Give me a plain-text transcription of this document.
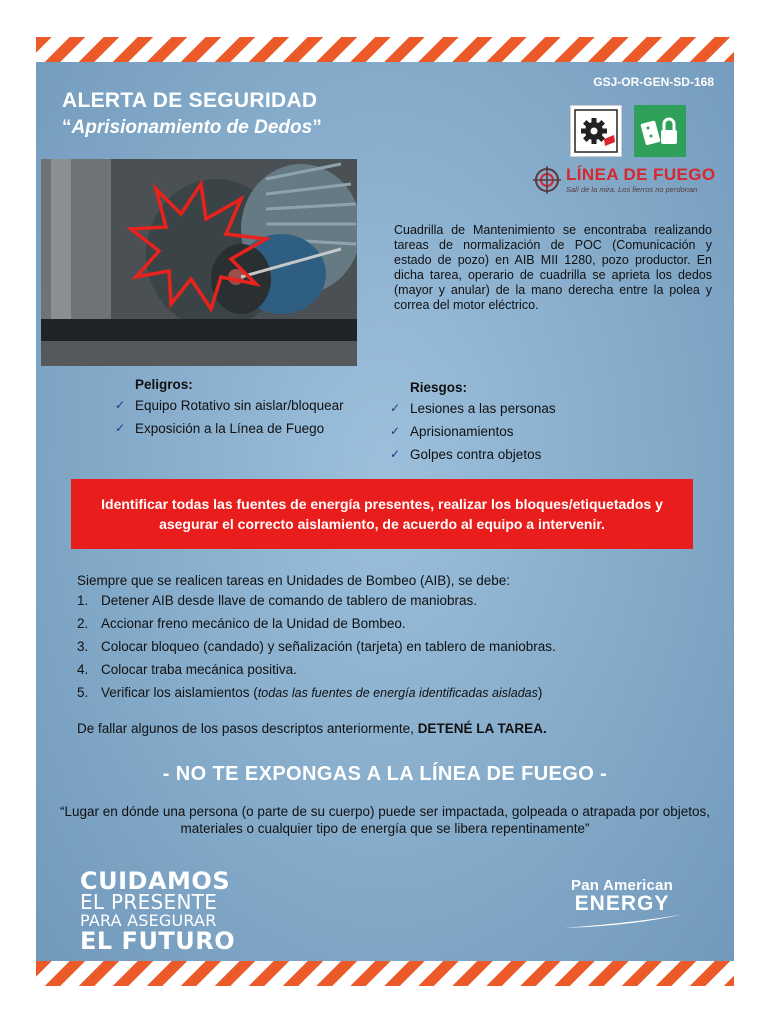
GSJ-OR-GEN-SD-168
ALERTA DE SEGURIDAD
“Aprisionamiento de Dedos”
LÍNEA DE FUEGO
Salí de la mira. Los fierros no perdonan
Cuadrilla de Mantenimiento se encontraba realizando tareas de normalización de POC (Comunicación y estado de pozo) en AIB MII 1280, pozo productor. En dicha tarea, operario de cuadrilla se aprieta los dedos (mayor y anular) de la mano derecha entre la polea y correa del motor eléctrico.
Peligros:
✓ Equipo Rotativo sin aislar/bloquear
✓ Exposición a la Línea de Fuego
Riesgos:
✓ Lesiones a las personas
✓ Aprisionamientos
✓ Golpes contra objetos
Identificar todas las fuentes de energía presentes, realizar los bloques/etiquetados y asegurar el correcto aislamiento, de acuerdo al equipo a intervenir.
Siempre que se realicen tareas en Unidades de Bombeo (AIB), se debe:
1. Detener AIB desde llave de comando de tablero de maniobras.
2. Accionar freno mecánico de la Unidad de Bombeo.
3. Colocar bloqueo (candado) y señalización (tarjeta) en tablero de maniobras.
4. Colocar traba mecánica positiva.
5. Verificar los aislamientos (todas las fuentes de energía identificadas aisladas)
De fallar algunos de los pasos descriptos anteriormente, DETENÉ LA TAREA.
- NO TE EXPONGAS A LA LÍNEA DE FUEGO -
“Lugar en dónde una persona (o parte de su cuerpo) puede ser impactada, golpeada o atrapada por objetos, materiales o cualquier tipo de energía que se libera repentinamente”
CUIDAMOS
EL PRESENTE
PARA ASEGURAR
EL FUTURO
Pan American
ENERGY
